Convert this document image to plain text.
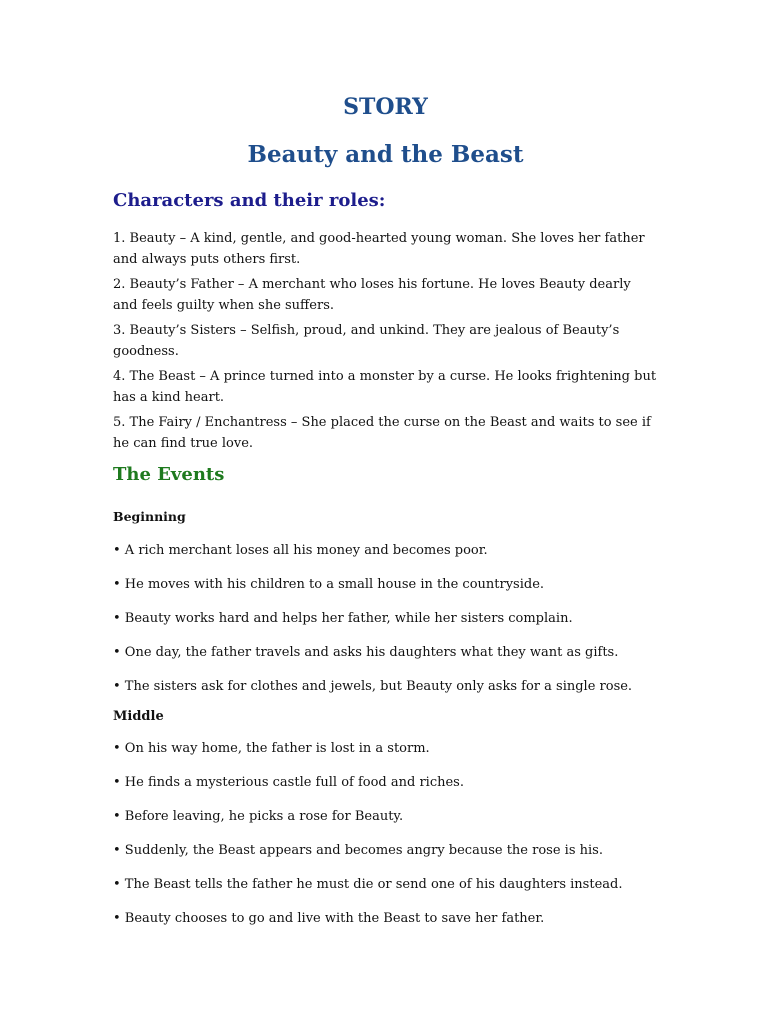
STORY
Beauty and the Beast
Characters and their roles:
1. Beauty – A kind, gentle, and good-hearted young woman. She loves her father and always puts others first.
2. Beauty’s Father – A merchant who loses his fortune. He loves Beauty dearly and feels guilty when she suffers.
3. Beauty’s Sisters – Selfish, proud, and unkind. They are jealous of Beauty’s goodness.
4. The Beast – A prince turned into a monster by a curse. He looks frightening but has a kind heart.
5. The Fairy / Enchantress – She placed the curse on the Beast and waits to see if he can find true love.
The Events
Beginning
• A rich merchant loses all his money and becomes poor.
• He moves with his children to a small house in the countryside.
• Beauty works hard and helps her father, while her sisters complain.
• One day, the father travels and asks his daughters what they want as gifts.
• The sisters ask for clothes and jewels, but Beauty only asks for a single rose.
Middle
• On his way home, the father is lost in a storm.
• He finds a mysterious castle full of food and riches.
• Before leaving, he picks a rose for Beauty.
• Suddenly, the Beast appears and becomes angry because the rose is his.
• The Beast tells the father he must die or send one of his daughters instead.
• Beauty chooses to go and live with the Beast to save her father.
